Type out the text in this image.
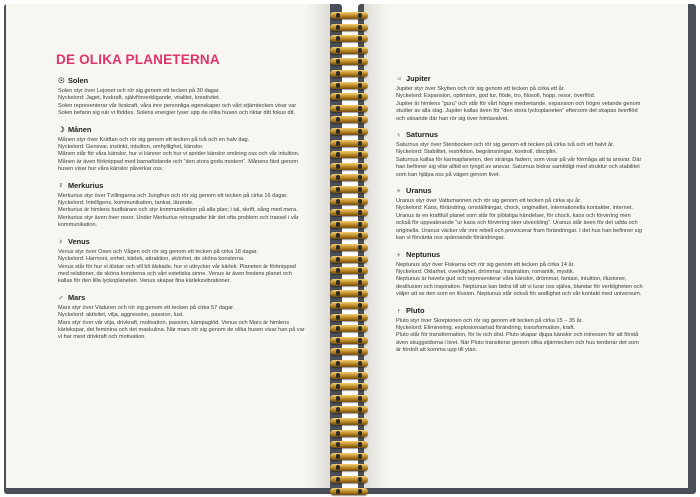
DE OLIKA PLANETERNA
☉ Solen

Solen styr över Lejonet och rör sig genom ett tecken på 30 dagar.

Nyckelord: Jaget, livskraft, självförverkligande, vitalitet, kreativitet.

Solen representerar vår livskraft, våra inre personliga egenskaper och vårt stjärntecken visar var Solen befann sig när vi föddes. Solens energier lyser upp de olika husen och riktar ditt fokus dit.

☽ Månen

Månen styr över Kräftan och rör sig genom ett tecken på två och en halv dag.

Nyckelord: Gensvar, instinkt, intuition, omhyllighet, känslor.

Månen står för våra känslor, hur vi känner och hur vi sprider känslor omkring oss och vår intuition. Månen är även förknippad med barnafödande och “den stora goda modern”. Månens färd genom husen visar hur våra känslor påverkar oss.

☿ Merkurius

Merkurius styr över Tvillingarna och Jungfrun och rör sig genom ett tecken på cirka 16 dagar.

Nyckelord: Intelligens, kommunikation, tankar, lärande.

Merkurius är himlens budbärare och styr kommunikation på alla plan; i tal, skrift, sång med mera. Merkurius styr även över resor. Under Merkurius retrograder blir det ofta problem och trassel i vår kommunikation.

♀ Venus

Venus styr över Oxen och Vågen och rör sig genom ett tecken på cirka 18 dagar.

Nyckelord: Harmoni, enhet, kärlek, attraktion, skönhet, de sköna konsterna.

Venus står för hur vi älskar och vill bli älskade, hur vi uttrycker vår kärlek. Planeten är förknippad med relationer, de sköna konsterna och vårt estetiska sinne. Venus är även fredens planet och kallas för den lilla lyckoplaneten. Venus skapar fina kärleksvibrationer.

♂ Mars

Mars styr över Väduren och rör sig genom ett tecken på cirka 57 dagar.

Nyckelord: aktivitet, vilja, aggression, passion, lust.

Mars styr över vår vilja, drivkraft, motivation, passion, kämpaglöd. Venus och Mars är himlens kärlekspar, det feminina och det maskulina. När mars rör sig genom de olika husen visar han på var vi har mest drivkraft och motivation.

♃ Jupiter

Jupiter styr över Skytten och rör sig genom ett tecken på cirka ett år.

Nyckelord: Expansion, optimism, god tur, flöde, tro, filosofi, hopp, resor, överflöd.

Jupiter är himlens “guru” och står för vårt högre medvetande, expansion och högre vetande genom studier av alla slag. Jupiter kallas även för “den stora lyckoplaneten” eftersom det skapas överflöd och växande där han rör sig över himlavalvet.

♄ Saturnus

Saturnus styr över Stenbocken och rör sig genom ett tecken på cirka två och ett halvt år.

Nyckelord: Stabilitet, restriktion, begränsningar, kontroll, disciplin.

Saturnus kallas för karmaplaneten, den stränga fadern, som visar på vår förmåga att ta ansvar. Där han befinner sig vilar alltid en tyngd av ansvar. Saturnus bidrar samtidigt med struktur och stabilitet som kan hjälpa oss på vägen genom livet.

♅ Uranus

Uranus styr över Vattumannen och rör sig genom ett tecken på cirka sju år.

Nyckelord: Kaos, förändring, omställningar, chock, originalitet, internationella kontakter, internet.

Uranus är en kraftfull planet som står för plötsliga händelser, för chock, kaos och förvirring men också för uppvaknande “ur kaos och förvirring sker utveckling”. Uranus står även för det udda och originella. Uranus väcker vår inre rebell och provocerar fram förändringar. I det hus han befinner sig kan vi förvänta oss spännande förändringar.

♆ Neptunus

Neptunus styr över Fiskarna och rör sig genom ett tecken på cirka 14 år.

Nyckelord: Oklarhet, overklighet, drömmar, inspiration, romantik, mystik.

Neptunus är havets gud och representerar våra känslor, drömmar, fantasi, intuition, illusioner, desillusion och inspiration. Neptunus kan bidra till att vi lurar oss själva, blandar för verkligheten och väljer att se den som en illusion. Neptunus står också för andlighet och vår kontakt med universum.

♇ Pluto

Pluto styr över Skorpionen och rör sig genom ett tecken på cirka 15 – 35 år.

Nyckelord: Eliminering, explosionsartad förändring, transformation, kraft.

Pluto står för transformation, för liv och död. Pluto skapar djupa känslor och intressen för att förstå även skuggsidorna i livet. När Pluto transiterar genom olika stjärntecken och hus tenderar det som är fördolt att komma upp till ytan.
